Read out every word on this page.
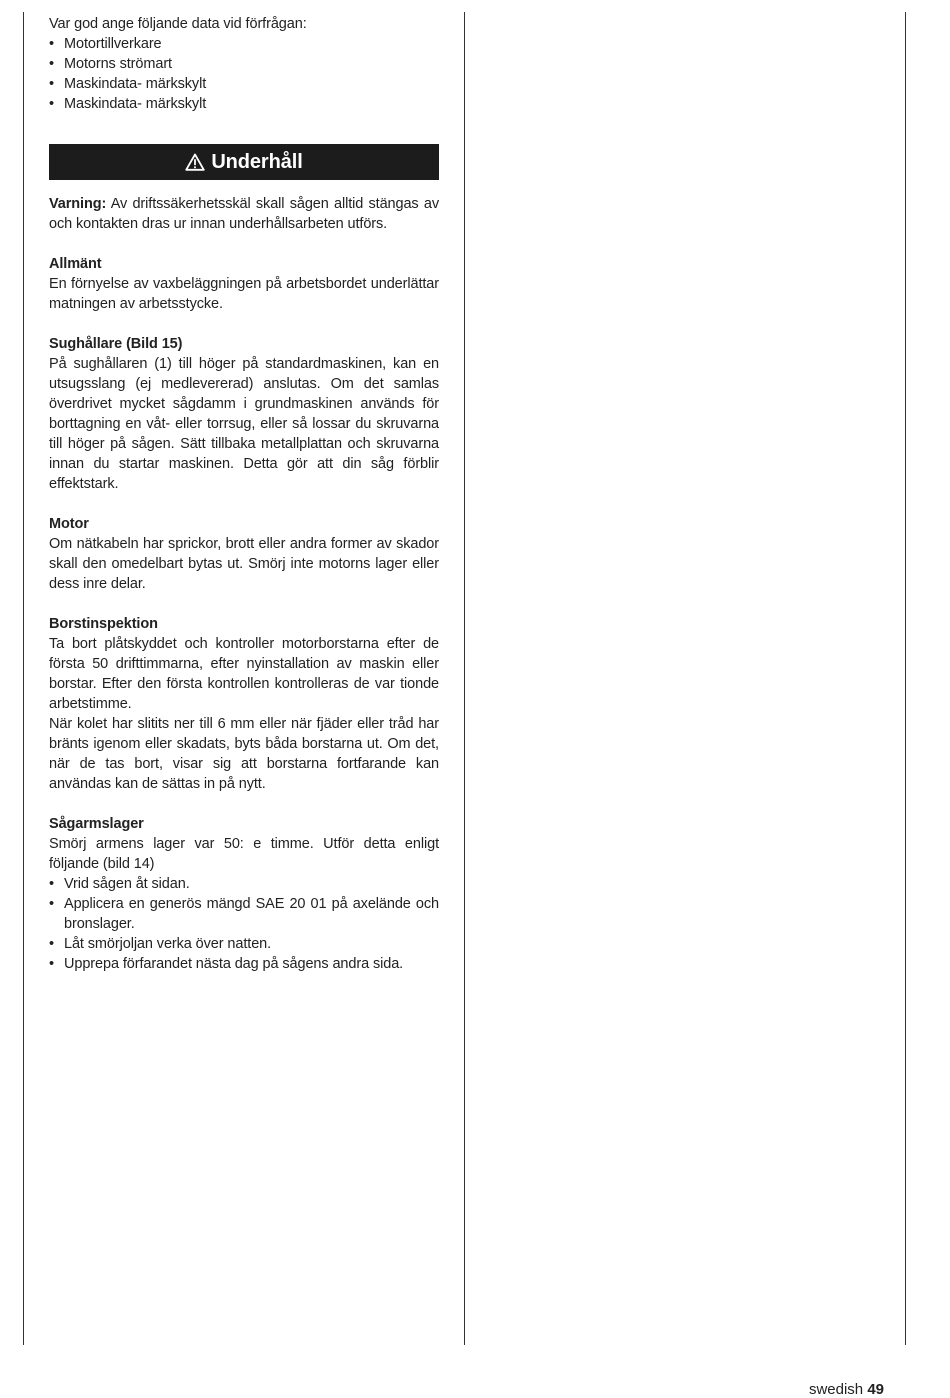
Var god ange följande data vid förfrågan:

• Motortillverkare
• Motorns strömart
• Maskindata- märkskylt
• Maskindata- märkskylt
Underhåll

Varning: Av driftssäkerhetsskäl skall sågen alltid stängas av och kontakten dras ur innan underhållsarbeten utförs.

Allmänt

En förnyelse av vaxbeläggningen på arbetsbordet underlättar matningen av arbetsstycke.

Sughållare (Bild 15)

På sughållaren (1) till höger på standardmaskinen, kan en utsugsslang (ej medlevererad) anslutas. Om det samlas överdrivet mycket sågdamm i grundmaskinen används för borttagning en våt- eller torrsug, eller så lossar du skruvarna till höger på sågen. Sätt tillbaka metallplattan och skruvarna innan du startar maskinen. Detta gör att din såg förblir effektstark.

Motor

Om nätkabeln har sprickor, brott eller andra former av skador skall den omedelbart bytas ut. Smörj inte motorns lager eller dess inre delar.

Borstinspektion

Ta bort plåtskyddet och kontroller motorborstarna efter de första 50 drifttimmarna, efter nyinstallation av maskin eller borstar. Efter den första kontrollen kontrolleras de var tionde arbetstimme.

När kolet har slitits ner till 6 mm eller när fjäder eller tråd har bränts igenom eller skadats, byts båda borstarna ut. Om det, när de tas bort, visar sig att borstarna fortfarande kan användas kan de sättas in på nytt.

Sågarmslager

Smörj armens lager var 50: e timme. Utför detta enligt följande (bild 14)

• Vrid sågen åt sidan.
• Applicera en generös mängd SAE 20 01 på axelände och bronslager.
• Låt smörjoljan verka över natten.
• Upprepa förfarandet nästa dag på sågens andra sida.
swedish 49
